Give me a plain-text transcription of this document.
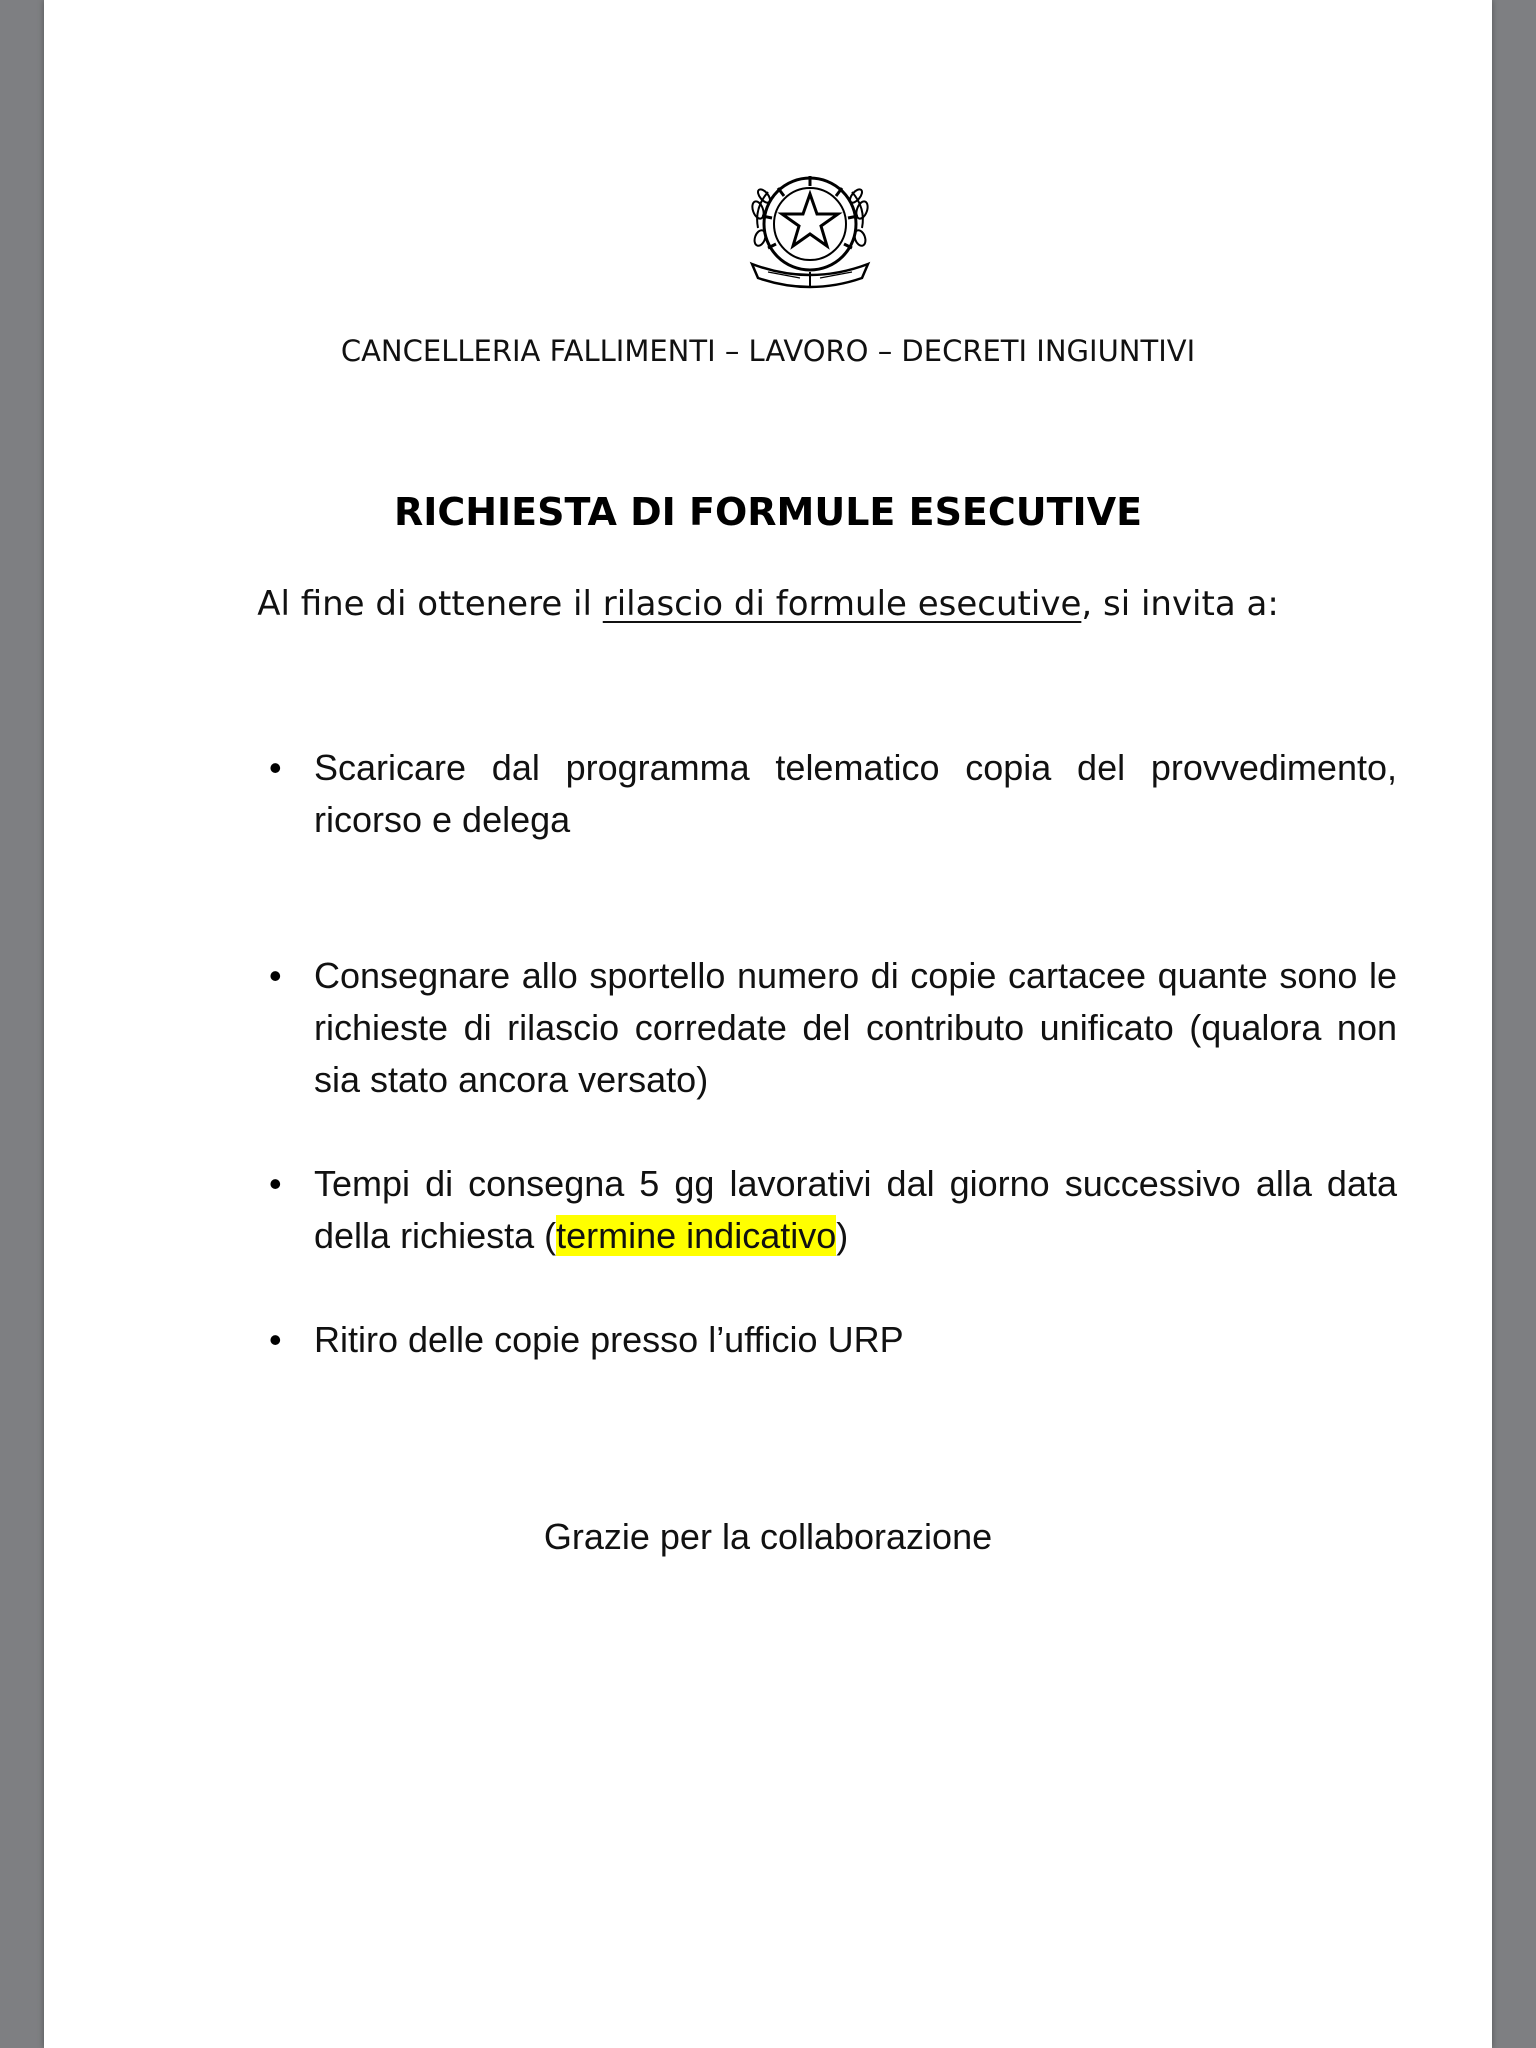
CANCELLERIA FALLIMENTI – LAVORO – DECRETI INGIUNTIVI
RICHIESTA DI FORMULE ESECUTIVE
Al fine di ottenere il rilascio di formule esecutive, si invita a:
• Scaricare dal programma telematico copia del provvedimento, ricorso e delega
• Consegnare allo sportello numero di copie cartacee quante sono le richieste di rilascio corredate del contributo unificato (qualora non sia stato ancora versato)
• Tempi di consegna 5 gg lavorativi dal giorno successivo alla data della richiesta (termine indicativo)
• Ritiro delle copie presso l’ufficio URP
Grazie per la collaborazione
